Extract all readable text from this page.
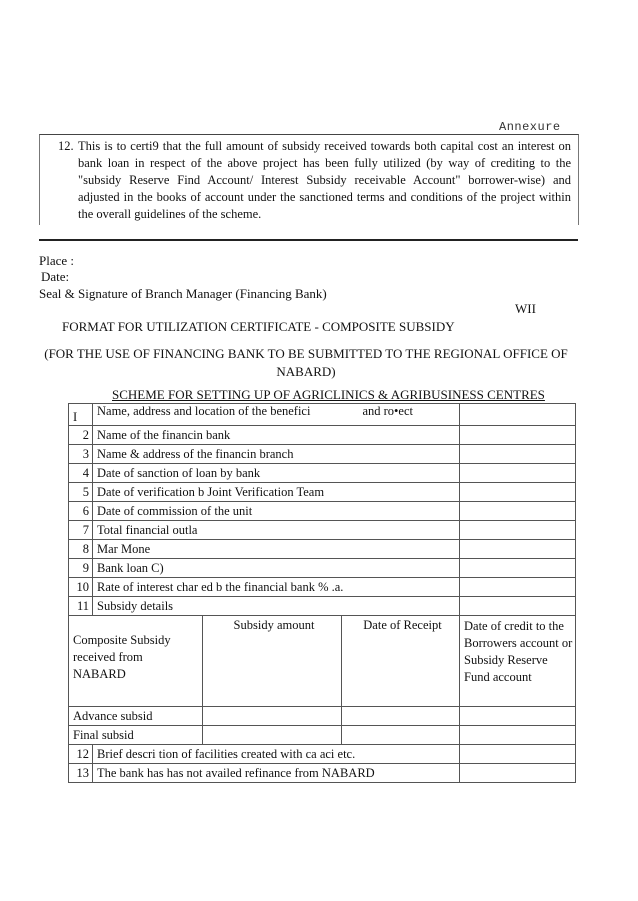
Annexure
12. This is to certi9 that the full amount of subsidy received towards both capital cost an interest on bank loan in respect of the above project has been fully utilized (by way of crediting to the "subsidy Reserve Find Account/ Interest Subsidy receivable Account" borrower-wise) and adjusted in the books of account under the sanctioned terms and conditions of the project within the overall guidelines of the scheme.
Place :
Date:
Seal & Signature of Branch Manager (Financing Bank)
WII
FORMAT FOR UTILIZATION CERTIFICATE - COMPOSITE SUBSIDY
(FOR THE USE OF FINANCING BANK TO BE SUBMITTED TO THE REGIONAL OFFICE OF NABARD)
SCHEME FOR SETTING UP OF AGRICLINICS & AGRIBUSINESS CENTRES
I	Name, address and location of the benefici and ro•ect			
2	Name of the financin bank			
3	Name & address of the financin branch			
4	Date of sanction of loan by bank			
5	Date of verification b Joint Verification Team			
6	Date of commission of the unit			
7	Total financial outla			
8	Mar Mone			
9	Bank loan C)			
10	Rate of interest char ed b the financial bank % .a.			
11	Subsidy details			

Composite Subsidy received from NABARD		Subsidy amount	Date of Receipt	Date of credit to the Borrowers account or Subsidy Reserve Fund account
Advance subsid				
Final subsid				
12	Brief descri tion of facilities created with ca aci etc.			
13	The bank has has not availed refinance from NABARD			
